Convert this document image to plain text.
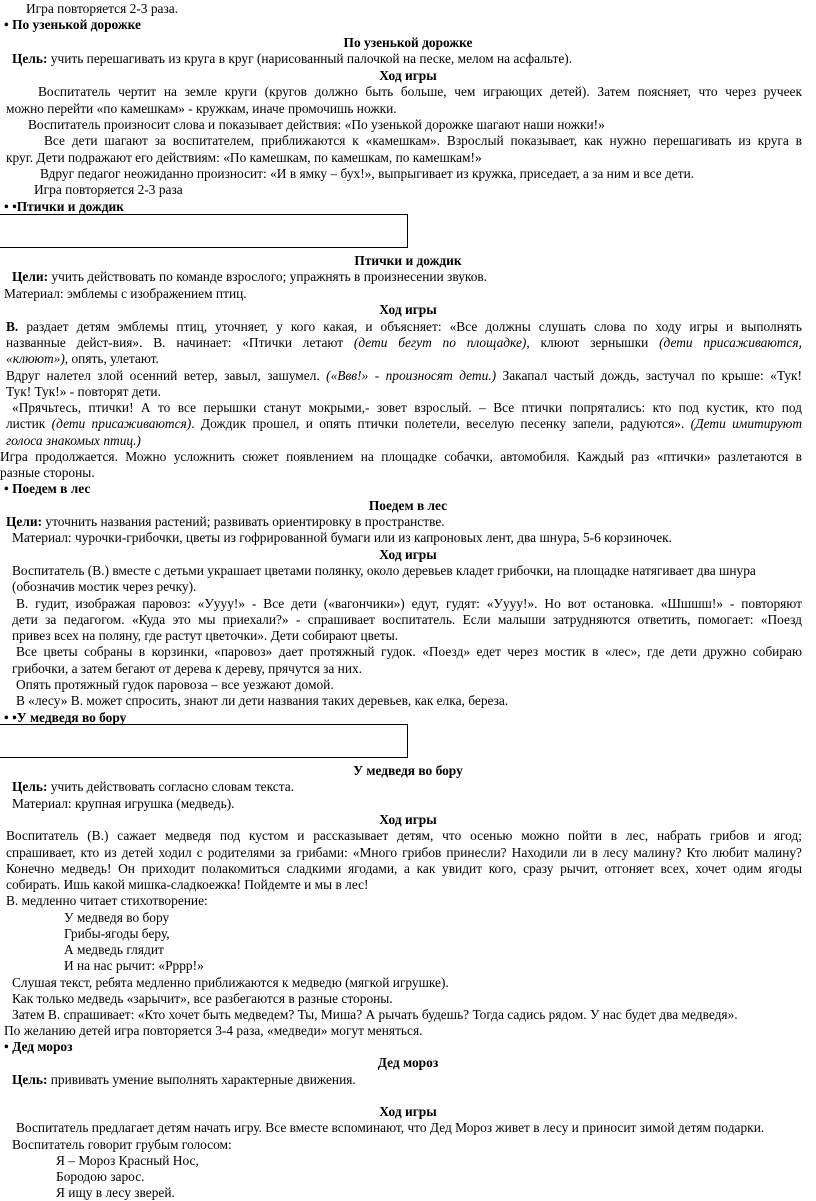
Игра повторяется 2-3 раза.
• По узенькой дорожке
По узенькой дорожке
Цель: учить перешагивать из круга в круг (нарисованный палочкой на песке, мелом на асфальте).
Ход игры
Воспитатель чертит на земле круги (кругов должно быть больше, чем играющих детей). Затем поясняет, что через ручеек
можно перейти «по камешкам» - кружкам, иначе промочишь ножки.
Воспитатель произносит слова и показывает действия: «По узенькой дорожке шагают наши ножки!»
Все дети шагают за воспитателем, приближаются к «камешкам». Взрослый показывает, как нужно перешагивать из круга в
круг. Дети подражают его действиям: «По камешкам, по камешкам, по камешкам!»
Вдруг педагог неожиданно произносит: «И в ямку – бух!», выпрыгивает из кружка, приседает, а за ним и все дети.
Игра повторяется 2-3 раза
• •Птички и дождик
Птички и дождик
Цели: учить действовать по команде взрослого; упражнять в произнесении звуков.
Материал: эмблемы с изображением птиц.
Ход игры
В. раздает детям эмблемы птиц, уточняет, у кого какая, и объясняет: «Все должны слушать слова по ходу игры и выполнять
названные дейст-вия». В. начинает: «Птички летают (дети бегут по площадке), клюют зернышки (дети присаживаются,
«клюют»), опять, улетают.
Вдруг налетел злой осенний ветер, завыл, зашумел. («Ввв!» - произносят дети.) Закапал частый дождь, застучал по крыше: «Тук!
Тук! Тук!» - повторят дети.
«Прячьтесь, птички! А то все перышки станут мокрыми,- зовет взрослый. – Все птички попрятались: кто под кустик, кто под
листик (дети присаживаются). Дождик прошел, и опять птички полетели, веселую песенку запели, радуются». (Дети имитируют
голоса знакомых птиц.)
Игра продолжается. Можно усложнить сюжет появлением на площадке собачки, автомобиля. Каждый раз «птички» разлетаются в
разные стороны.
• Поедем в лес
Поедем в лес
Цели: уточнить названия растений; развивать ориентировку в пространстве.
Материал: чурочки-грибочки, цветы из гофрированной бумаги или из капроновых лент, два шнура, 5-6 корзиночек.
Ход игры
Воспитатель (В.) вместе с детьми украшает цветами полянку, около деревьев кладет грибочки, на площадке натягивает два шнура
(обозначив мостик через речку).
В. гудит, изображая паровоз: «Уууу!» - Все дети («вагончики») едут, гудят: «Уууу!». Но вот остановка. «Шшшш!» - повторяют
дети за педагогом. «Куда это мы приехали?» - спрашивает воспитатель. Если малыши затрудняются ответить, помогает: «Поезд
привез всех на поляну, где растут цветочки». Дети собирают цветы.
Все цветы собраны в корзинки, «паровоз» дает протяжный гудок. «Поезд» едет через мостик в «лес», где дети дружно собираю
грибочки, а затем бегают от дерева к дереву, прячутся за них.
Опять протяжный гудок паровоза – все уезжают домой.
В «лесу» В. может спросить, знают ли дети названия таких деревьев, как елка, береза.
• •У медведя во бору
У медведя во бору
Цель: учить действовать согласно словам текста.
Материал: крупная игрушка (медведь).
Ход игры
Воспитатель (В.) сажает медведя под кустом и рассказывает детям, что осенью можно пойти в лес, набрать грибов и ягод;
спрашивает, кто из детей ходил с родителями за грибами: «Много грибов принесли? Находили ли в лесу малину? Кто любит малину?
Конечно медведь! Он приходит полакомиться сладкими ягодами, а как увидит кого, сразу рычит, отгоняет всех, хочет одим ягоды
собирать. Ишь какой мишка-сладкоежка! Пойдемте и мы в лес!
В. медленно читает стихотворение:
У медведя во бору
Грибы-ягоды беру,
А медведь глядит
И на нас рычит: «Рррр!»
Слушая текст, ребята медленно приближаются к медведю (мягкой игрушке).
Как только медведь «зарычит», все разбегаются в разные стороны.
Затем В. спрашивает: «Кто хочет быть медведем? Ты, Миша? А рычать будешь? Тогда садись рядом. У нас будет два медведя».
По желанию детей игра повторяется 3-4 раза, «медведи» могут меняться.
• Дед мороз
Дед мороз
Цель: прививать умение выполнять характерные движения.
Ход игры
Воспитатель предлагает детям начать игру. Все вместе вспоминают, что Дед Мороз живет в лесу и приносит зимой детям подарки.
Воспитатель говорит грубым голосом:
Я – Мороз Красный Нос,
Бородою зарос.
Я ищу в лесу зверей.
